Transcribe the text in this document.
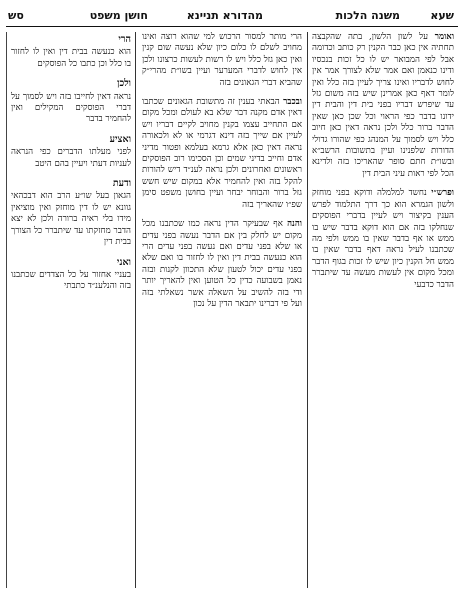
שעא
משנה הלכות
מהדורא תניינא
חושן משפט
סש

ואומר על לשון הלשון, בתה שהקבצה תחתיה אין כאן כבר הקנין רק כותב וכדומה אבל לפי המבואר יש לו כל זכות בנכסיו ודינו כנאמן ואם אמר שלא לצורך אמר אין לחוש לדבריו ואינו צריך לעיין בזה כלל ואין לומר דאף כאן אמרינן שיש בזה משום גזל עד שיפרש דבריו בפני בית דין והבית דין ידונו בדבר כפי הראוי וכל שכן כאן שאין הדבר ברור כלל ולכן נראה דאין כאן חיוב כלל ויש לסמוך על המנהג כפי שהורו גדולי הדורות שלפנינו ועיין בתשובות הרשב״א ובשו״ת חתם סופר שהאריכו בזה ולדינא הכל לפי ראות עיני הבית דין

ופרש״י נחשד למלמלה ודוקא בפני מוחזק ולשון הגמרא הוא כך דרך התלמוד לפרש הענין בקיצור ויש לעיין בדברי הפוסקים שנחלקו בזה אם הוא דוקא בדבר שיש בו ממש או אף בדבר שאין בו ממש ולפי מה שכתבנו לעיל נראה דאף בדבר שאין בו ממש חל הקנין כיון שיש לו זכות בגוף הדבר ומכל מקום אין לעשות מעשה עד שיתברר הדבר כדבעי

הרי מותר למסור הרכוש למי שהוא רוצה ואינו מחויב לשלם לו כלום כיון שלא נעשה שום קנין ואין כאן גזל כלל ויש לו רשות לעשות כרצונו ולכן אין לחוש לדברי המערער ועיין בשו״ת מהרי״ק שהביא דברי הגאונים בזה

ובכבר הבאתי בענין זה מתשובת הגאונים שכתבו דאין אדם מקנה דבר שלא בא לעולם ומכל מקום אם התחייב עצמו בקנין מחויב לקיים דבריו ויש לעיין אם שייך בזה דינא דגרמי או לא ולכאורה נראה דאין כאן אלא גרמא בעלמא ופטור מדיני אדם וחייב בדיני שמים וכן הסכימו רוב הפוסקים ראשונים ואחרונים ולכן נראה לענ״ד דיש להורות להקל בזה ואין להחמיר אלא במקום שיש חשש גזל ברור והבוחר יבחר ועיין בחושן משפט סימן שפ״ו שהאריך בזה

והנה אף שבעיקר הדין נראה כמו שכתבנו מכל מקום יש לחלק בין אם הדבר נעשה בפני עדים או שלא בפני עדים ואם נעשה בפני עדים הרי הוא כנעשה בבית דין ואין לו לחזור בו ואם שלא בפני עדים יכול לטעון שלא התכוון לקנות ובזה נאמן בשבועה כדין כל הטוען ואין להאריך יותר ודי בזה להשיב על השאלה אשר נשאלתי בזה ועל פי דברינו יתבאר הדין על נכון

הרי
הוא כנעשה בבית דין ואין לו לחזור בו כלל וכן כתבו כל הפוסקים

ולכן
נראה דאין לחייבו בזה ויש לסמוך על דברי הפוסקים המקילים ואין להחמיר בדבר

ואציע
לפני מעלתו הדברים כפי הנראה לעניות דעתי ויעיין בהם היטב

ודעת
הגאון בעל שו״ע הרב הוא דבכהאי גוונא יש לו דין מוחזק ואין מוציאין מידו בלי ראיה ברורה ולכן לא יצא הדבר מחזקתו עד שיתברר כל הצורך בבית דין

ואני
בעניי אחזור על כל הצדדים שכתבנו בזה והנלענ״ד כתבתי
